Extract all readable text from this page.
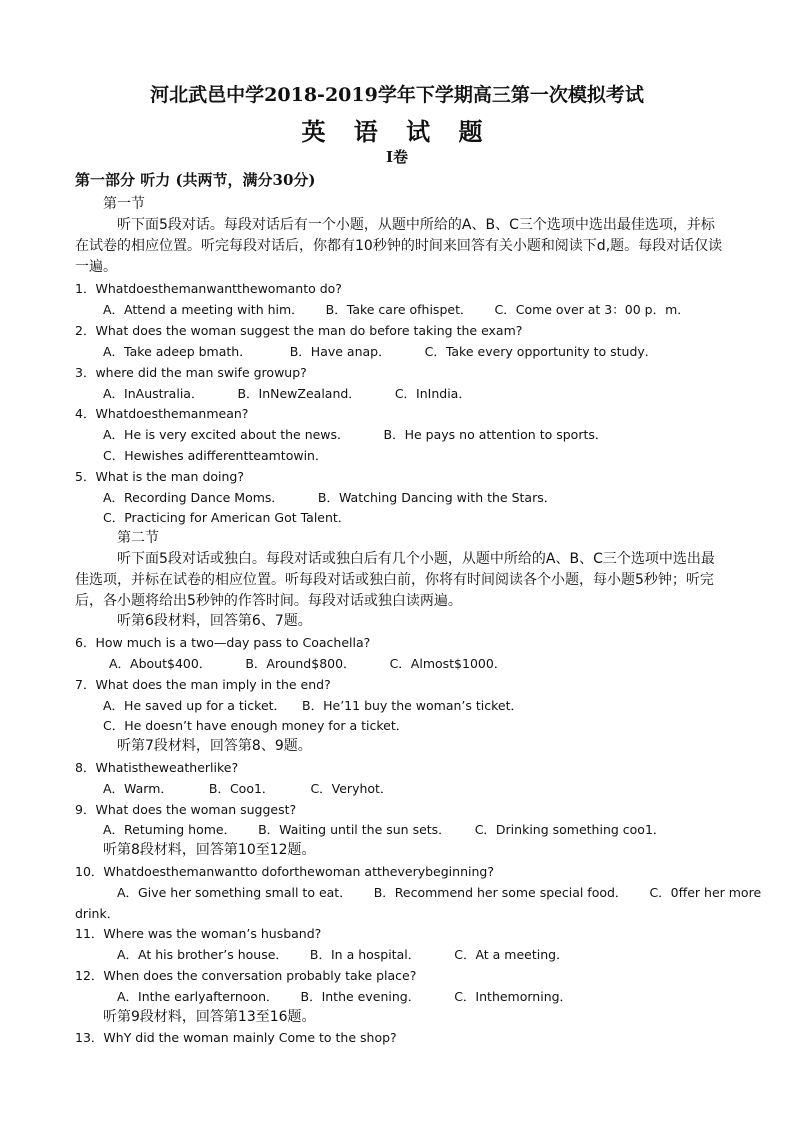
河北武邑中学2018-2019学年下学期高三第一次模拟考试
英 语 试 题
I卷
第一部分 听力 (共两节，满分30分)
第一节
听下面5段对话。每段对话后有一个小题，从题中所给的A、B、C三个选项中选出最佳选项，并标
在试卷的相应位置。听完每段对话后，你都有10秒钟的时间来回答有关小题和阅读下d,题。每段对话仅读
一遍。
1．Whatdoesthemanwantthewomanto do?
A．Attend a meeting with him． B．Take care ofhispet． C．Come over at 3：00 p．m．
2．What does the woman suggest the man do before taking the exam?
A．Take adeep bmath．	B．Have anap．	C．Take every opportunity to study．
3．where did the man swife growup?
A．InAustralia．	B．InNewZealand．	C．InIndia．
4．Whatdoesthemanmean?
A．He is very excited about the news．	B．He pays no attention to sports．
C．Hewishes adifferentteamtowin．
5．What is the man doing?
A．Recording Dance Moms．	B．Watching Dancing with the Stars．
C．Practicing for American Got Talent．
第二节
听下面5段对话或独白。每段对话或独白后有几个小题，从题中所给的A、B、C三个选项中选出最
佳选项，并标在试卷的相应位置。听每段对话或独白前，你将有时间阅读各个小题，每小题5秒钟；听完
后，各小题将给出5秒钟的作答时间。每段对话或独白读两遍。
听第6段材料，回答第6、7题。
6．How much is a two—day pass to Coachella?
A．About$400．	B．Around$800．	C．Almost$1000．
7．What does the man imply in the end?
A．He saved up for a ticket． B．He’11 buy the woman’s ticket．
C．He doesn’t have enough money for a ticket．
听第7段材料，回答第8、9题。
8．Whatistheweatherlike?
A．Warm．	B．Coo1．	C．Veryhot．
9．What does the woman suggest?
A．Retuming home． B．Waiting until the sun sets． C．Drinking something coo1．
听第8段材料，回答第10至12题。
10．Whatdoesthemanwantto doforthewoman attheverybeginning?
A．Give her something small to eat． B．Recommend her some special food． C．0ffer her more
drink．
11．Where was the woman’s husband?
A．At his brother’s house． B．In a hospital．	C．At a meeting．
12．When does the conversation probably take place?
A．Inthe earlyafternoon． B．Inthe evening．	C．Inthemorning．
听第9段材料，回答第13至16题。
13．WhY did the woman mainly Come to the shop?
